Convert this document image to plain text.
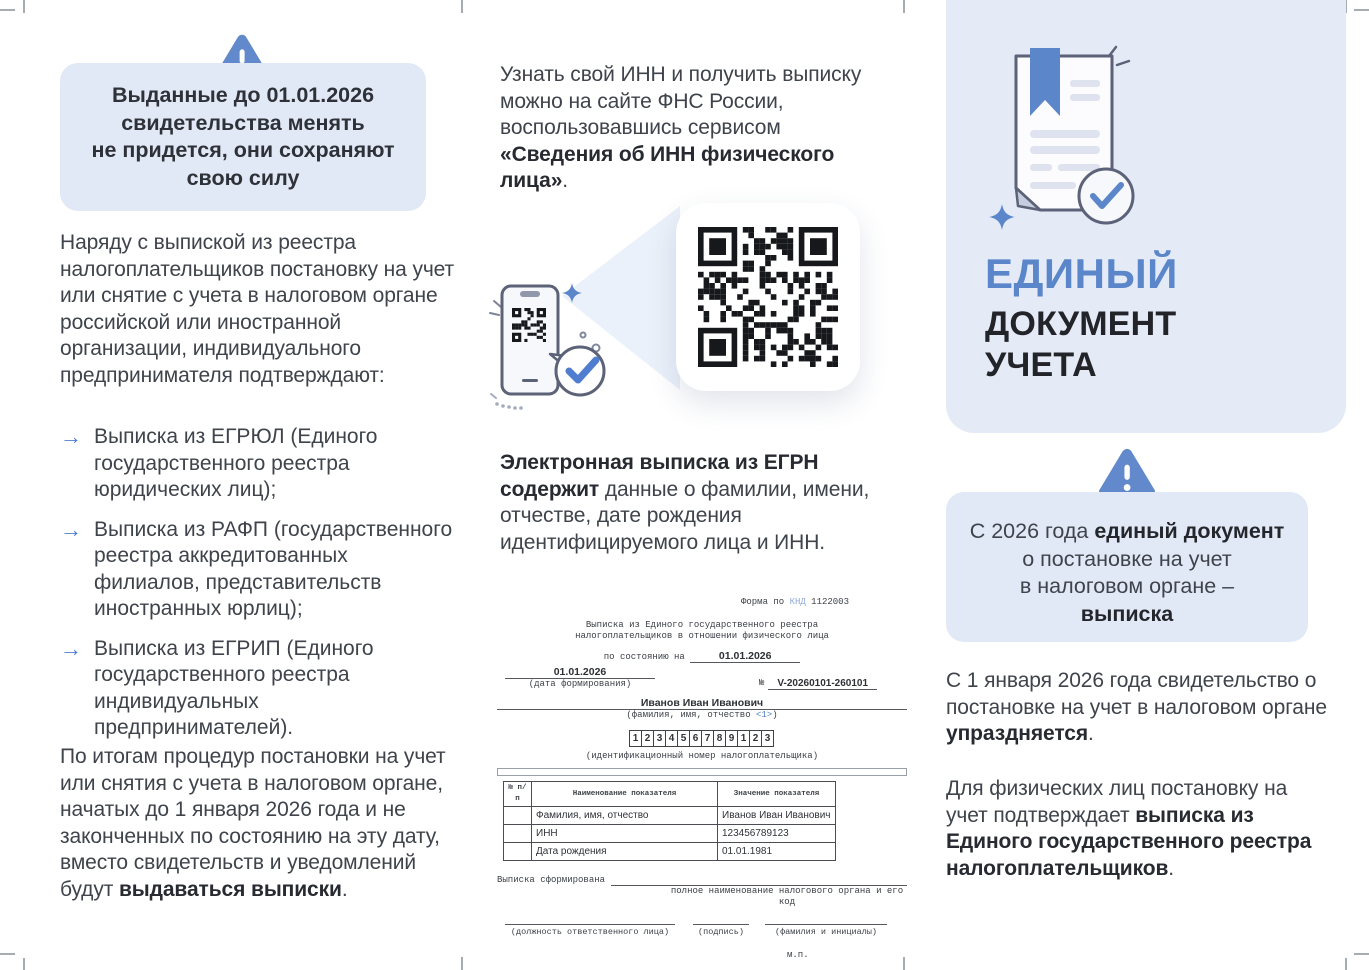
Выданные до 01.01.2026
свидетельства менять
не придется, они сохраняют
свою силу
Наряду с выпиской из реестра налогоплательщиков постановку на учет или снятие с учета в налоговом органе российской или иностранной организации, индивидуального предпринимателя подтверждают:
→ Выписка из ЕГРЮЛ (Единого государственного реестра юридических лиц);
→ Выписка из РАФП (государственного реестра аккредитованных филиалов, представительств иностранных юрлиц);
→ Выписка из ЕГРИП (Единого государственного реестра индивидуальных предпринимателей).
По итогам процедур постановки на учет или снятия с учета в налоговом органе, начатых до 1 января 2026 года и не законченных по состоянию на эту дату, вместо свидетельств и уведомлений будут выдаваться выписки.
Узнать свой ИНН и получить выписку можно на сайте ФНС России, воспользовавшись сервисом «Сведения об ИНН физического лица».
Электронная выписка из ЕГРН содержит данные о фамилии, имени, отчестве, дате рождения идентифицируемого лица и ИНН.
Форма по КНД 1122003
Выписка из Единого государственного реестра
налогоплательщиков в отношении физического лица
по состоянию на	01.01.2026
01.01.2026
(дата формирования)	№	V-20260101-260101
Иванов Иван Иванович
(фамилия, имя, отчество <1>)
1 2 3 4 5 6 7 8 9 1 2 3
(идентификационный номер налогоплательщика)
№ п/п	Наименование показателя	Значение показателя
	Фамилия, имя, отчество	Иванов Иван Иванович
	ИНН	123456789123
	Дата рождения	01.01.1981
Выписка сформирована
полное наименование налогового органа и его код
(должность ответственного лица)	(подпись)	(фамилия и инициалы)
м.п.
ЕДИНЫЙ
ДОКУМЕНТ
УЧЕТА
С 2026 года единый документ
о постановке на учет
в налоговом органе –
выписка
С 1 января 2026 года свидетельство о постановке на учет в налоговом органе упраздняется.
Для физических лиц постановку на учет подтверждает выписка из Единого государственного реестра налогоплательщиков.
